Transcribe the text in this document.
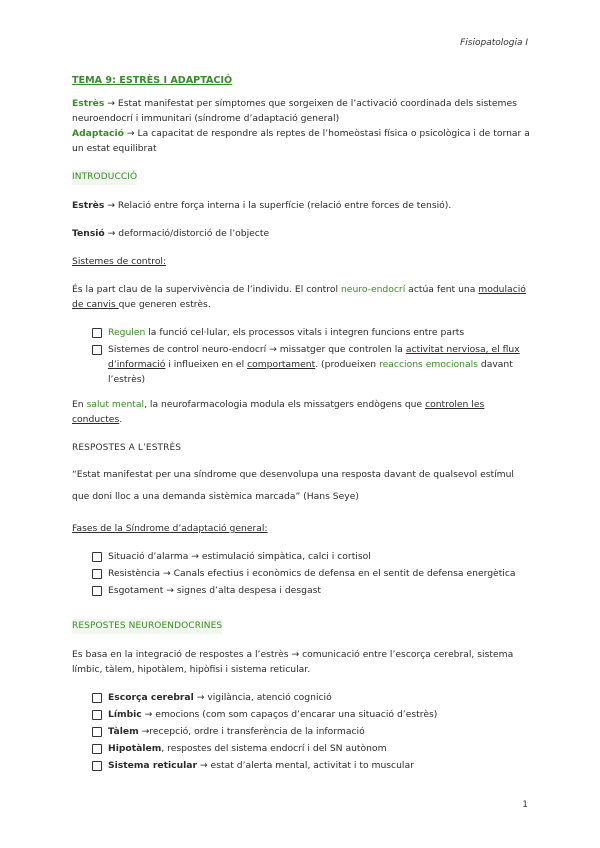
Fisiopatologia I
TEMA 9: ESTRÈS I ADAPTACIÓ

Estrès → Estat manifestat per símptomes que sorgeixen de l’activació coordinada dels sistemes neuroendocrí i immunitari (síndrome d’adaptació general)

Adaptació → La capacitat de respondre als reptes de l’homeòstasi física o psicològica i de tornar a un estat equilibrat

INTRODUCCIÓ

Estrès → Relació entre força interna i la superfície (relació entre forces de tensió).

Tensió → deformació/distorció de l’objecte

Sistemes de control:

És la part clau de la supervivència de l’individu. El control neuro-endocrí actúa fent una modulació de canvis que generen estrès.

Regulen la funció cel·lular, els processos vitals i integren funcions entre parts
Sistemes de control neuro-endocrí → missatger que controlen la activitat nerviosa, el flux d’informació i influeixen en el comportament. (produeixen reaccions emocionals davant l’estrès)

En salut mental, la neurofarmacologia modula els missatgers endògens que controlen les conductes.

RESPOSTES A L’ESTRÈS

“Estat manifestat per una síndrome que desenvolupa una resposta davant de qualsevol estímul

que doni lloc a una demanda sistèmica marcada” (Hans Seye)

Fases de la Síndrome d’adaptació general:

Situació d’alarma → estimulació simpàtica, calci i cortisol
Resistència → Canals efectius i econòmics de defensa en el sentit de defensa energètica
Esgotament → signes d’alta despesa i desgast
RESPOSTES NEUROENDOCRINES

Es basa en la integració de respostes a l’estrès → comunicació entre l’escorça cerebral, sistema límbic, tàlem, hipotàlem, hipòfisi i sistema reticular.

Escorça cerebral → vigilància, atenció cognició
Límbic → emocions (com som capaços d’encarar una situació d’estrès)
Tàlem →recepció, ordre i transferència de la informació
Hipotàlem, respostes del sistema endocrí i del SN autònom
Sistema reticular → estat d’alerta mental, activitat i to muscular
1
